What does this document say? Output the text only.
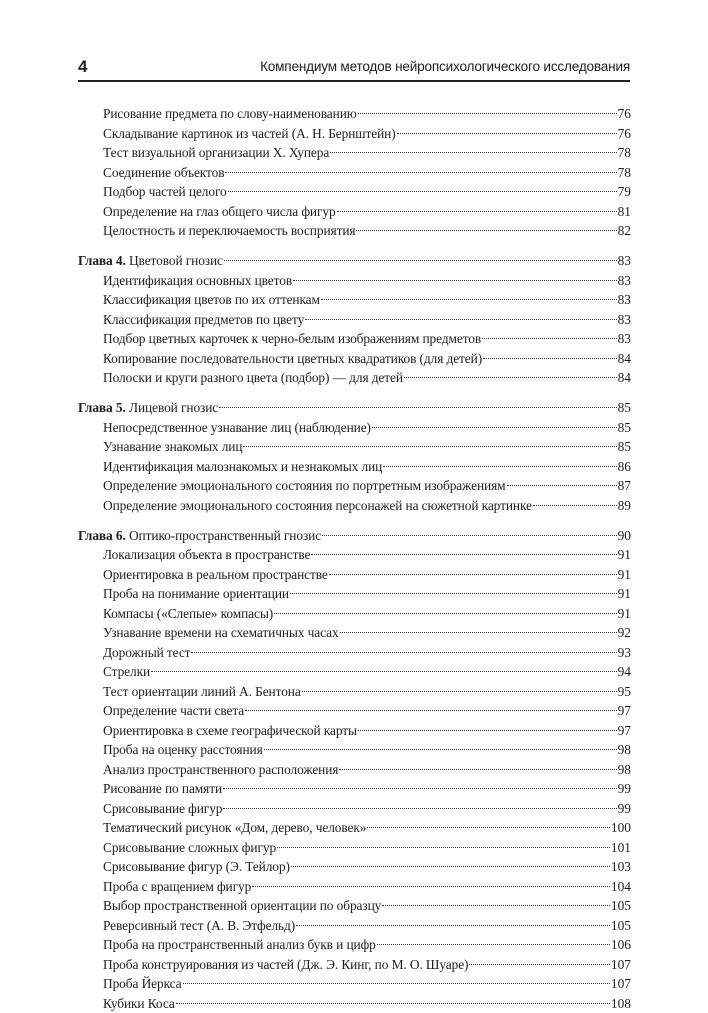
4	Компендиум методов нейропсихологического исследования
Рисование предмета по слову-наименованию	76
Складывание картинок из частей (А. Н. Бернштейн)	76
Тест визуальной организации Х. Хупера	78
Соединение объектов	78
Подбор частей целого	79
Определение на глаз общего числа фигур	81
Целостность и переключаемость восприятия	82
Глава 4. Цветовой гнозис	83
Идентификация основных цветов	83
Классификация цветов по их оттенкам	83
Классификация предметов по цвету	83
Подбор цветных карточек к черно-белым изображениям предметов	83
Копирование последовательности цветных квадратиков (для детей)	84
Полоски и круги разного цвета (подбор) — для детей	84
Глава 5. Лицевой гнозис	85
Непосредственное узнавание лиц (наблюдение)	85
Узнавание знакомых лиц	85
Идентификация малознакомых и незнакомых лиц	86
Определение эмоционального состояния по портретным изображениям	87
Определение эмоционального состояния персонажей на сюжетной картинке	89
Глава 6. Оптико-пространственный гнозис	90
Локализация объекта в пространстве	91
Ориентировка в реальном пространстве	91
Проба на понимание ориентации	91
Компасы («Слепые» компасы)	91
Узнавание времени на схематичных часах	92
Дорожный тест	93
Стрелки	94
Тест ориентации линий А. Бентона	95
Определение части света	97
Ориентировка в схеме географической карты	97
Проба на оценку расстояния	98
Анализ пространственного расположения	98
Рисование по памяти	99
Срисовывание фигур	99
Тематический рисунок «Дом, дерево, человек»	100
Срисовывание сложных фигур	101
Срисовывание фигур (Э. Тейлор)	103
Проба с вращением фигур	104
Выбор пространственной ориентации по образцу	105
Реверсивный тест (А. В. Этфельд)	105
Проба на пространственный анализ букв и цифр	106
Проба конструирования из частей (Дж. Э. Кинг, по М. О. Шуаре)	107
Проба Йеркса	107
Кубики Коса	108
